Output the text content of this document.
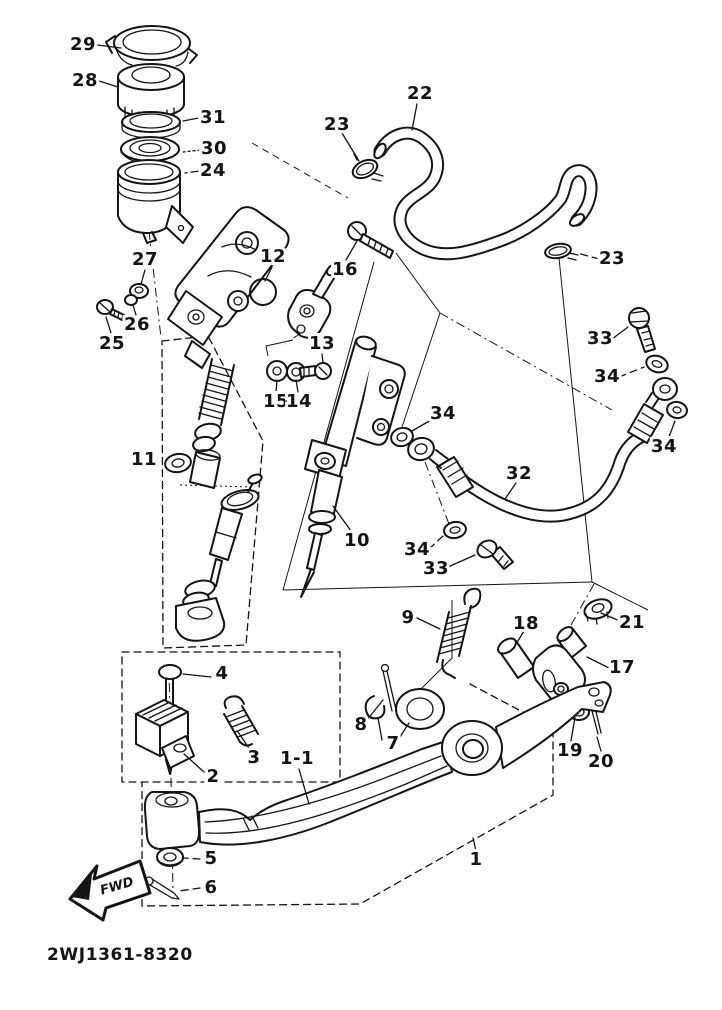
FWD
2WJ1361-8320
29
28
31
30
24
22
23
23
16
12
27
26
25	13
15
14
11
10
34
32
34
33
33
34
34
9	18	21
17
19
20
8
7
4
3
2
1-1
1
5
6
